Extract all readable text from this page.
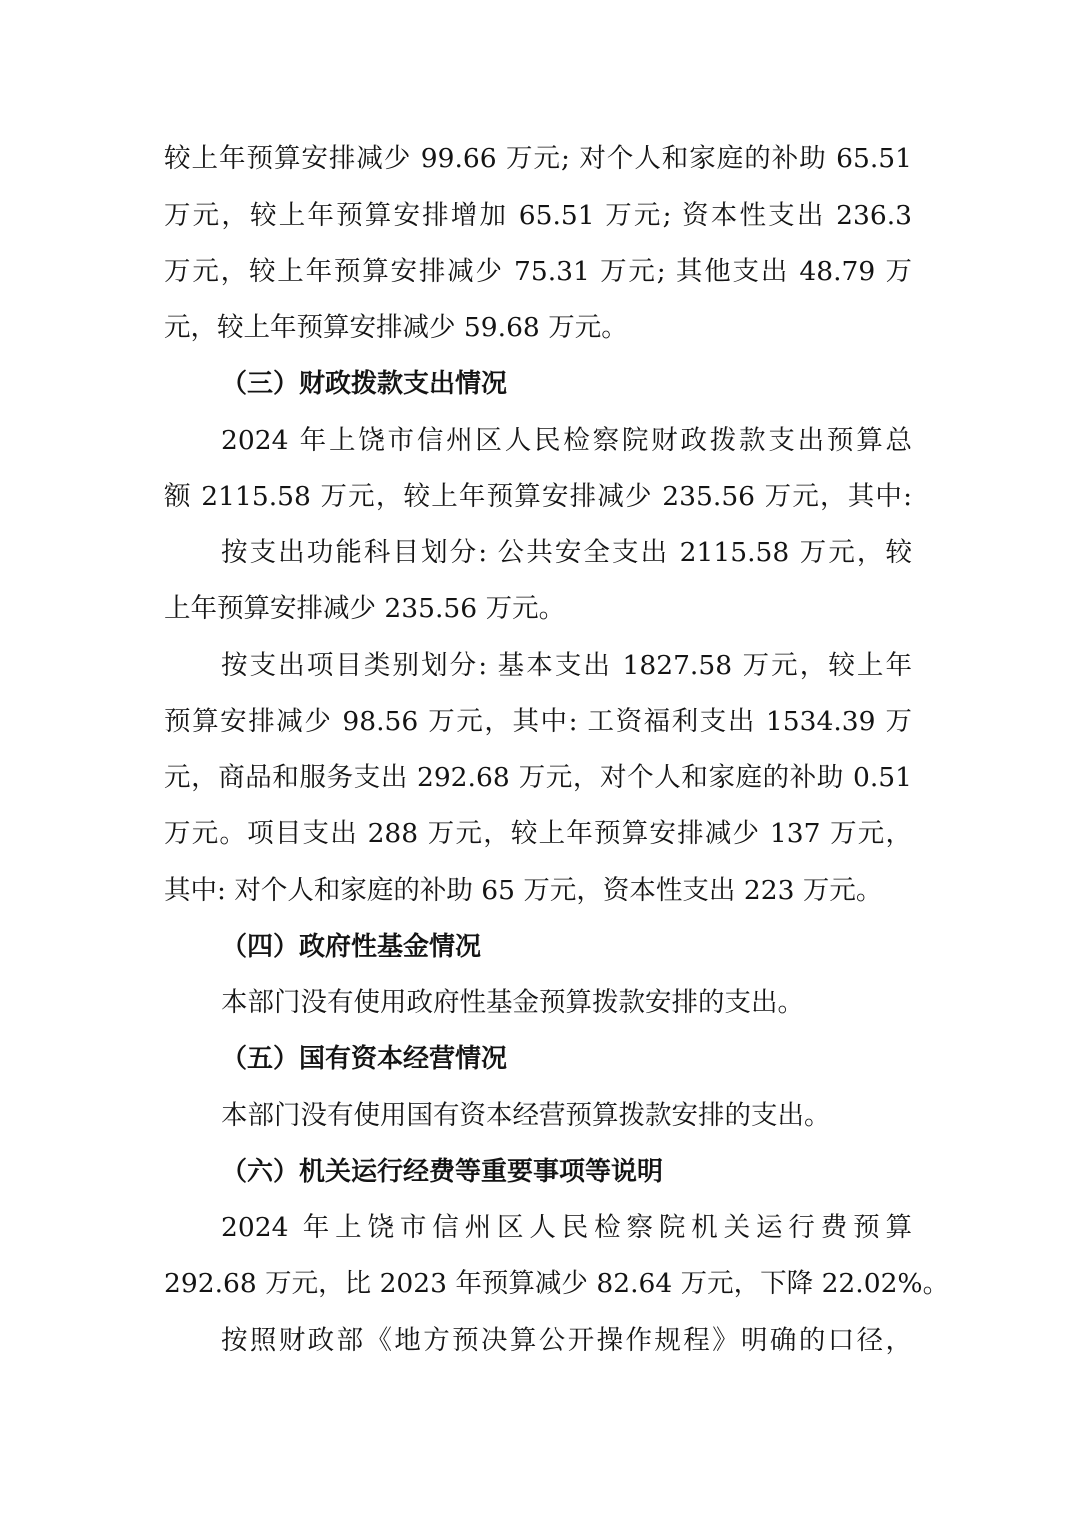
较上年预算安排减少 99.66 万元; 对个人和家庭的补助 65.51
万元，较上年预算安排增加 65.51 万元; 资本性支出 236.3
万元，较上年预算安排减少 75.31 万元; 其他支出 48.79 万
元，较上年预算安排减少 59.68 万元。
（三）财政拨款支出情况
2024 年上饶市信州区人民检察院财政拨款支出预算总
额 2115.58 万元，较上年预算安排减少 235.56 万元，其中:
按支出功能科目划分: 公共安全支出 2115.58 万元，较
上年预算安排减少 235.56 万元。
按支出项目类别划分: 基本支出 1827.58 万元，较上年
预算安排减少 98.56 万元，其中: 工资福利支出 1534.39 万
元，商品和服务支出 292.68 万元，对个人和家庭的补助 0.51
万元。项目支出 288 万元，较上年预算安排减少 137 万元，
其中: 对个人和家庭的补助 65 万元，资本性支出 223 万元。
（四）政府性基金情况
本部门没有使用政府性基金预算拨款安排的支出。
（五）国有资本经营情况
本部门没有使用国有资本经营预算拨款安排的支出。
（六）机关运行经费等重要事项等说明
2024 年上饶市信州区人民检察院机关运行费预算
292.68 万元，比 2023 年预算减少 82.64 万元，下降 22.02%。
按照财政部《地方预决算公开操作规程》明确的口径，
